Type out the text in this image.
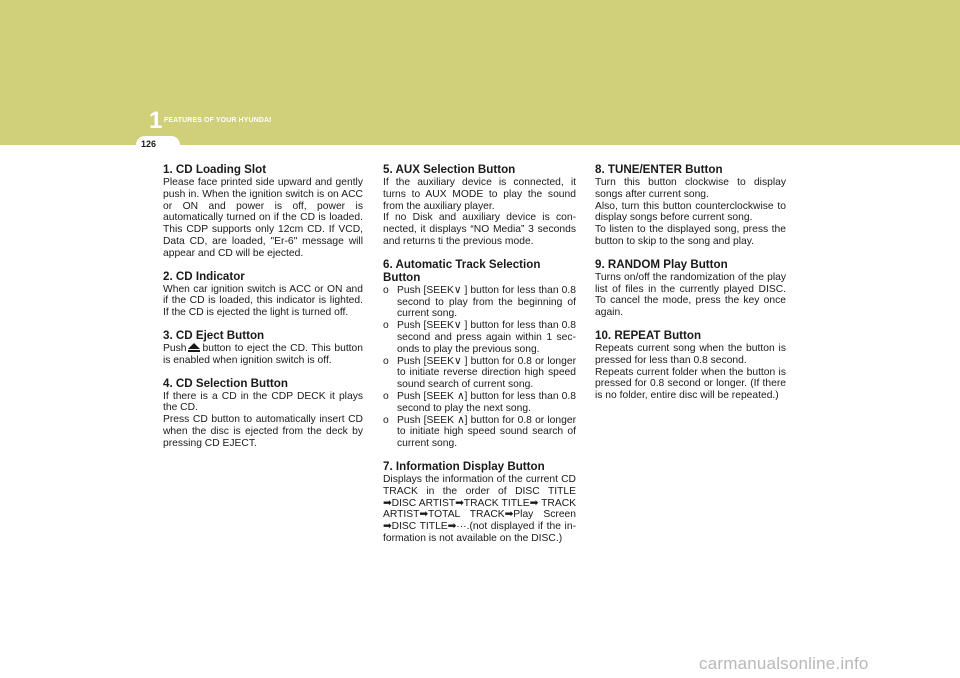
1 FEATURES OF YOUR HYUNDAI
126
1. CD Loading Slot

Please face printed side upward and gently push in. When the ignition switch is on ACC or ON and power is off, power is automatically turned on if the CD is loaded. This CDP supports only 12cm CD. If VCD, Data CD, are loaded, "Er-6" message will appear and CD will be ejected.

2. CD Indicator

When car ignition switch is ACC or ON and if the CD is loaded, this indicator is lighted. If the CD is ejected the light is turned off.

3. CD Eject Button

Push button to eject the CD. This button is enabled when ignition switch is off.

4. CD Selection Button

If there is a CD in the CDP DECK it plays the CD.

Press CD button to automatically insert CD when the disc is ejected from the deck by pressing CD EJECT.

5. AUX Selection Button

If the auxiliary device is connected, it turns to AUX MODE to play the sound from the auxiliary player.

If no Disk and auxiliary device is con-nected, it displays “NO Media” 3 seconds and returns ti the previous mode.

6. Automatic Track Selection Button

o Push [SEEK∨ ] button for less than 0.8 second to play from the beginning of current song.

o Push [SEEK∨ ] button for less than 0.8 second and press again within 1 sec-onds to play the previous song.

o Push [SEEK∨ ] button for 0.8 or longer to initiate reverse direction high speed sound search of current song.

o Push [SEEK ∧] button for less than 0.8 second to play the next song.

o Push [SEEK ∧] button for 0.8 or longer to initiate high speed sound search of current song.

7. Information Display Button

Displays the information of the current CD TRACK in the order of DISC TITLE ➡DISC ARTIST➡TRACK TITLE➡ TRACK ARTIST➡TOTAL TRACK➡Play Screen ➡DISC TITLE➡···.(not displayed if the in-formation is not available on the DISC.)

8. TUNE/ENTER Button

Turn this button clockwise to display songs after current song.

Also, turn this button counterclockwise to display songs before current song.

To listen to the displayed song, press the button to skip to the song and play.

9. RANDOM Play Button

Turns on/off the randomization of the play list of files in the currently played DISC. To cancel the mode, press the key once again.

10. REPEAT Button

Repeats current song when the button is pressed for less than 0.8 second.

Repeats current folder when the button is pressed for 0.8 second or longer. (If there is no folder, entire disc will be repeated.)

carmanualsonline.info
